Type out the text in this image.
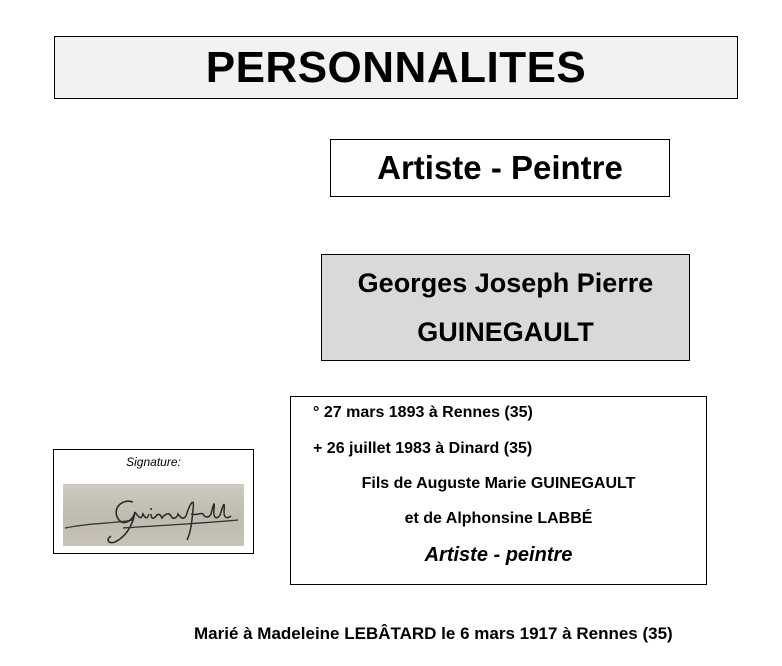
PERSONNALITES
Artiste - Peintre
Georges Joseph Pierre
GUINEGAULT
° 27 mars 1893 à Rennes (35)
+ 26 juillet 1983 à Dinard (35)
Fils de Auguste Marie GUINEGAULT
et de Alphonsine LABBÉ
Artiste - peintre
Signature:
Marié à Madeleine LEBÂTARD le 6 mars 1917 à Rennes (35)
